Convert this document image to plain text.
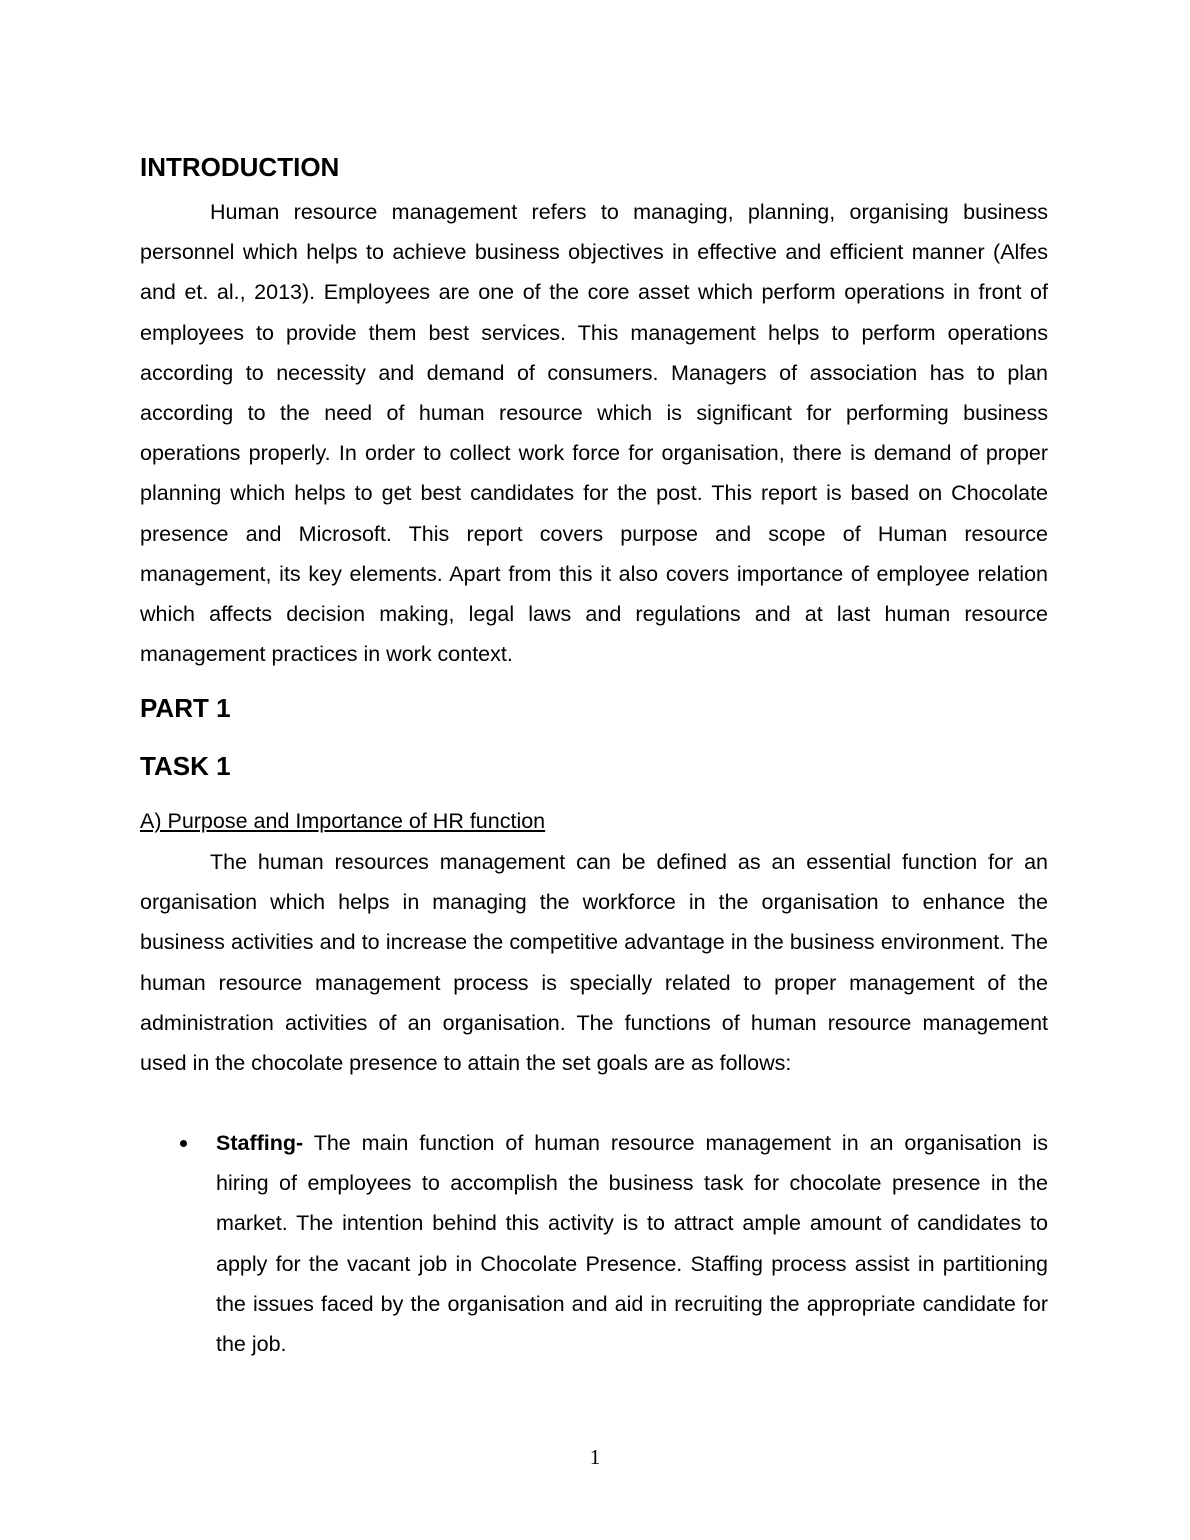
INTRODUCTION

Human resource management refers to managing, planning, organising business personnel which helps to achieve business objectives in effective and efficient manner (Alfes and et. al., 2013). Employees are one of the core asset which perform operations in front of employees to provide them best services. This management helps to perform operations according to necessity and demand of consumers. Managers of association has to plan according to the need of human resource which is significant for performing business operations properly. In order to collect work force for organisation, there is demand of proper planning which helps to get best candidates for the post. This report is based on Chocolate presence and Microsoft. This report covers purpose and scope of Human resource management, its key elements. Apart from this it also covers importance of employee relation which affects decision making, legal laws and regulations and at last human resource management practices in work context.

PART 1
TASK 1

A) Purpose and Importance of HR function

The human resources management can be defined as an essential function for an organisation which helps in managing the workforce in the organisation to enhance the business activities and to increase the competitive advantage in the business environment. The human resource management process is specially related to proper management of the administration activities of an organisation. The functions of human resource management used in the chocolate presence to attain the set goals are as follows:

Staffing- The main function of human resource management in an organisation is hiring of employees to accomplish the business task for chocolate presence in the market. The intention behind this activity is to attract ample amount of candidates to apply for the vacant job in Chocolate Presence. Staffing process assist in partitioning the issues faced by the organisation and aid in recruiting the appropriate candidate for the job.
1
